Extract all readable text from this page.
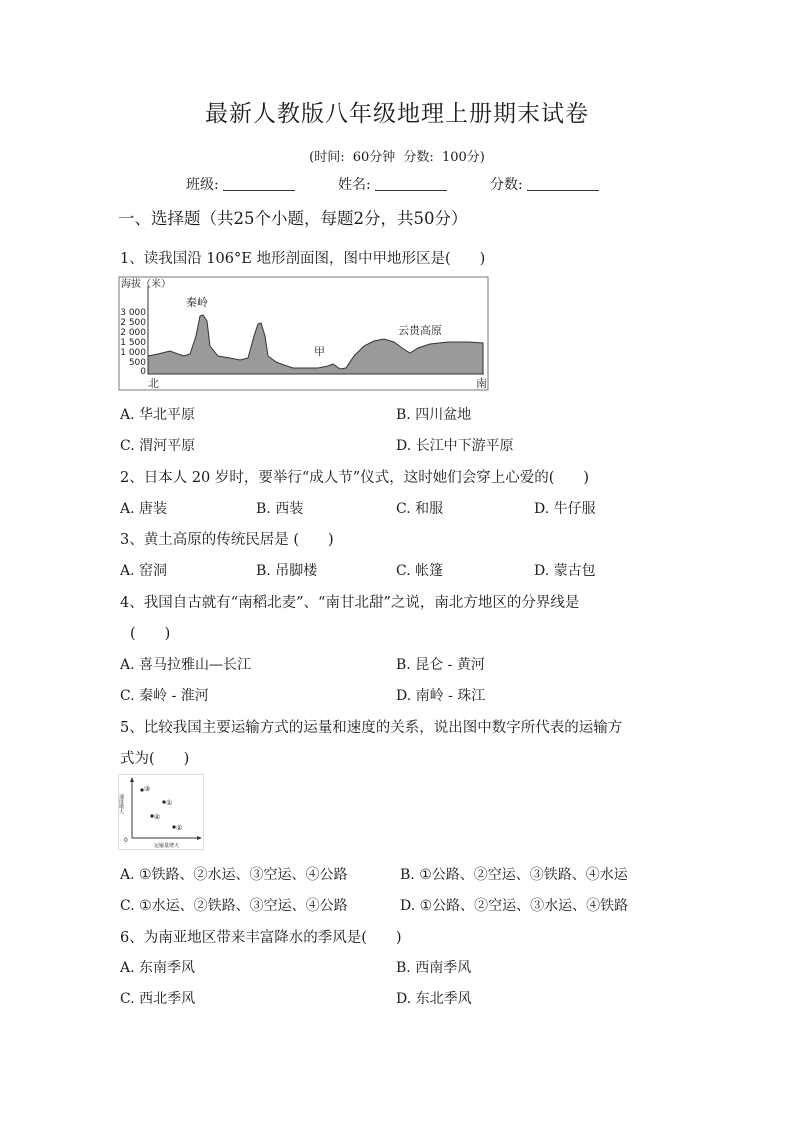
最新人教版八年级地理上册期末试卷
(时间: 60分钟 分数: 100分)
班级:	姓名:	分数:
一、选择题（共25个小题，每题2分，共50分）
1、读我国沿 106°E 地形剖面图，图中甲地形区是(　　)
海拔（米）
3 000
2 500
2 000
1 500
1 000
500
0
秦岭
甲
云贵高原
北	南
A. 华北平原	B. 四川盆地
C. 渭河平原	D. 长江中下游平原
2、日本人 20 岁时，要举行“成人节”仪式，这时她们会穿上心爱的(　　)
A. 唐装	B. 西装	C. 和服	D. 牛仔服
3、黄土高原的传统民居是 (　　)
A. 窑洞	B. 吊脚楼	C. 帐篷	D. 蒙古包
4、我国自古就有“南稻北麦”、“南甘北甜”之说，南北方地区的分界线是
(　　)
A. 喜马拉雅山—长江	B. 昆仑 - 黄河
C. 秦岭 - 淮河	D. 南岭 - 珠江
5、比较我国主要运输方式的运量和速度的关系，说出图中数字所代表的运输方
式为(　　)
速度增大
0
运输量增大
③
①
④
②
A. ①铁路、②水运、③空运、④公路	B. ①公路、②空运、③铁路、④水运
C. ①水运、②铁路、③空运、④公路	D. ①公路、②空运、③水运、④铁路
6、为南亚地区带来丰富降水的季风是(　　)
A. 东南季风	B. 西南季风
C. 西北季风	D. 东北季风
